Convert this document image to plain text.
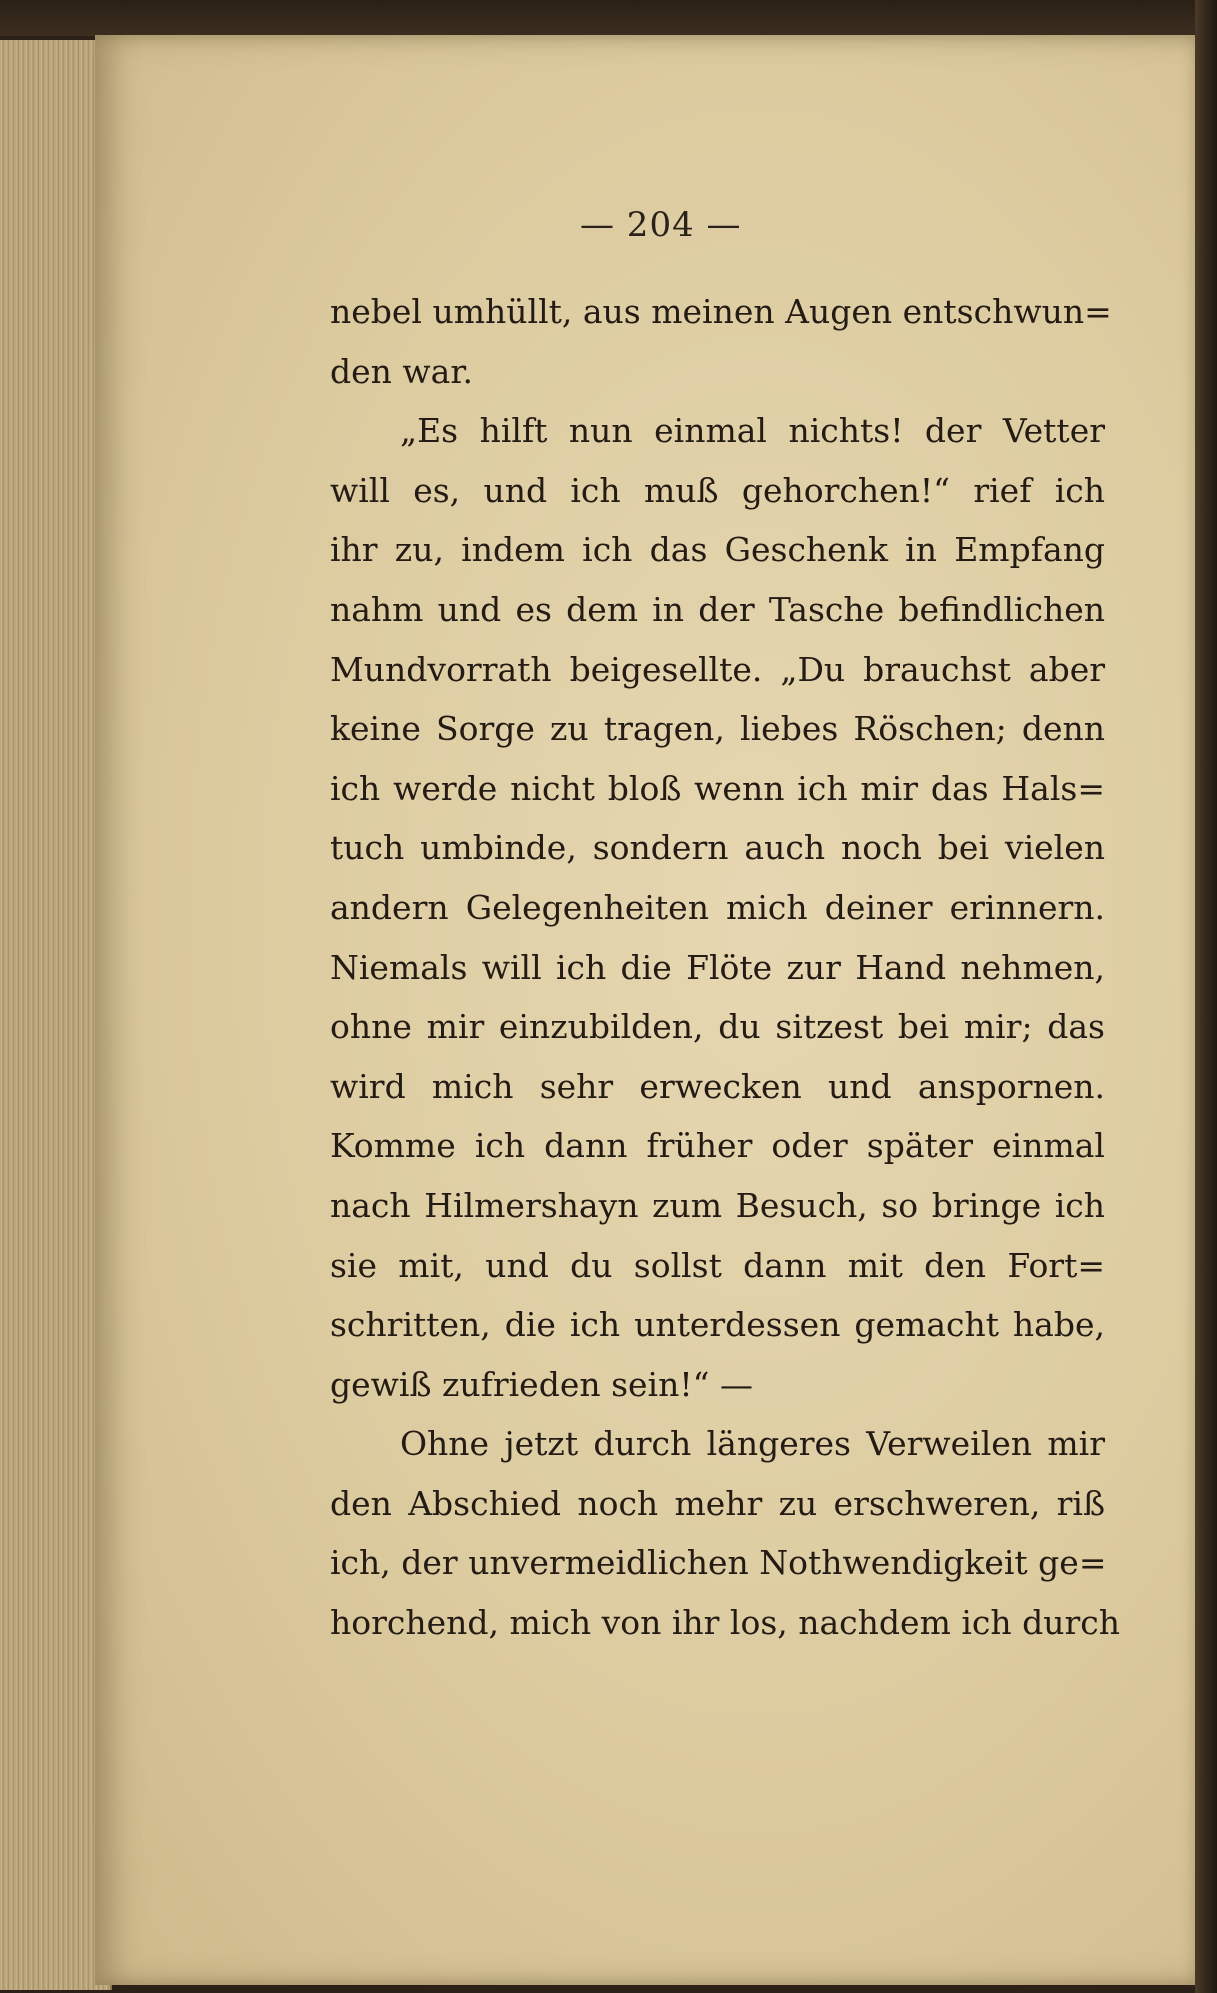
— 204 —
nebel umhüllt, aus meinen Augen entschwun=
den war.
„Es hilft nun einmal nichts! der Vetter
will es, und ich muß gehorchen!“ rief ich
ihr zu, indem ich das Geschenk in Empfang
nahm und es dem in der Tasche befindlichen
Mundvorrath beigesellte. „Du brauchst aber
keine Sorge zu tragen, liebes Röschen; denn
ich werde nicht bloß wenn ich mir das Hals=
tuch umbinde, sondern auch noch bei vielen
andern Gelegenheiten mich deiner erinnern.
Niemals will ich die Flöte zur Hand nehmen,
ohne mir einzubilden, du sitzest bei mir; das
wird mich sehr erwecken und anspornen.
Komme ich dann früher oder später einmal
nach Hilmershayn zum Besuch, so bringe ich
sie mit, und du sollst dann mit den Fort=
schritten, die ich unterdessen gemacht habe,
gewiß zufrieden sein!“ —
Ohne jetzt durch längeres Verweilen mir
den Abschied noch mehr zu erschweren, riß
ich, der unvermeidlichen Nothwendigkeit ge=
horchend, mich von ihr los, nachdem ich durch
